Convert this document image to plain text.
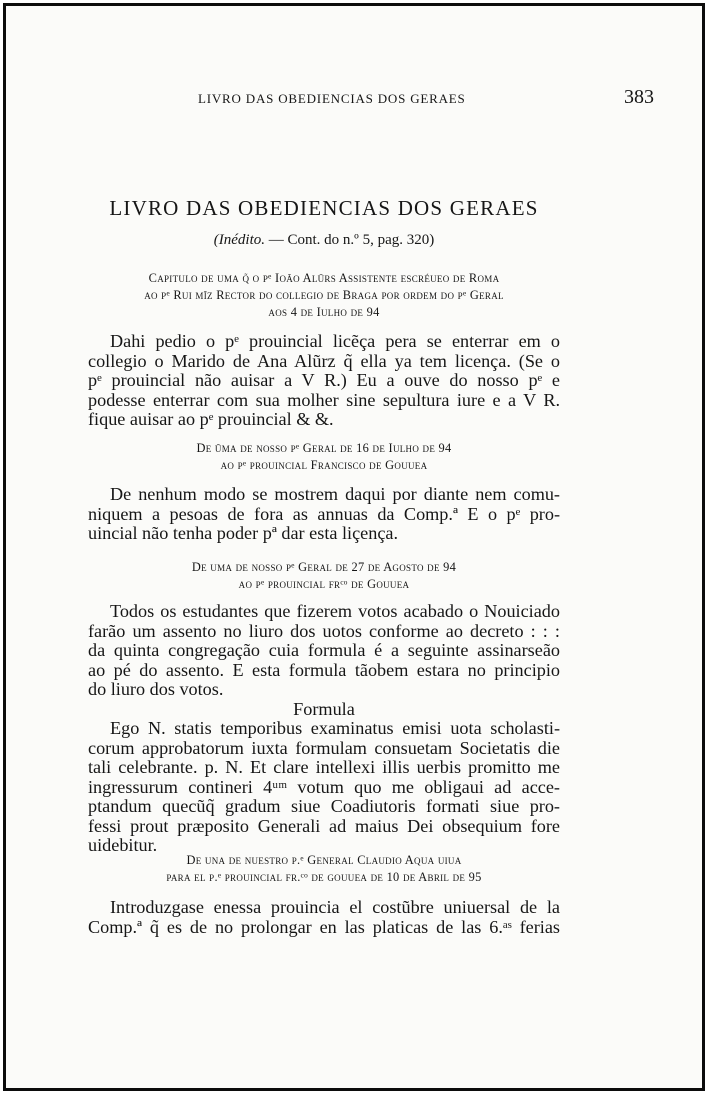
LIVRO DAS OBEDIENCIAS DOS GERAES	383
LIVRO DAS OBEDIENCIAS DOS GERAES
(Inédito. — Cont. do n.º 5, pag. 320)
Capitulo de uma q̃ o pᵉ Ioão Alũrs Assistente escréueo de Roma
ao pᵉ Rui mĩz Rector do collegio de Braga por ordem do pᵉ Geral
aos 4 de Iulho de 94
Dahi pedio o pᵉ prouincial licẽça pera se enterrar em o
collegio o Marido de Ana Alũrz q̃ ella ya tem licença. (Se o
pᵉ prouincial não auisar a V R.) Eu a ouve do nosso pᵉ e
podesse enterrar com sua molher sine sepultura iure e a V R.
fique auisar ao pᵉ prouincial & &.
De ũma de nosso pᵉ Geral de 16 de Iulho de 94
ao pᵉ prouincial Francisco de Gouuea
De nenhum modo se mostrem daqui por diante nem comu-
niquem a pesoas de fora as annuas da Comp.ª E o pᵉ pro-
uincial não tenha poder pª dar esta liçença.
De uma de nosso pᵉ Geral de 27 de Agosto de 94
ao pᵉ prouincial frᶜᵒ de Gouuea
Todos os estudantes que fizerem votos acabado o Nouiciado
farão um assento no liuro dos uotos conforme ao decreto : : :
da quinta congregação cuia formula é a seguinte assinarseão
ao pé do assento. E esta formula tãobem estara no principio
do liuro dos votos.
Formula
Ego N. statis temporibus examinatus emisi uota scholasti-
corum approbatorum iuxta formulam consuetam Societatis die
tali celebrante. p. N. Et clare intellexi illis uerbis promitto me
ingressurum contineri 4ᵘᵐ votum quo me obligaui ad acce-
ptandum quecũq̃ gradum siue Coadiutoris formati siue pro-
fessi prout præposito Generali ad maius Dei obsequium fore
uidebitur.
De una de nuestro p.ᵉ General Claudio Aqua uiua
para el p.ᵉ prouincial fr.ᶜᵒ de gouuea de 10 de Abril de 95
Introduzgase enessa prouincia el costũbre uniuersal de la
Comp.ª q̃ es de no prolongar en las platicas de las 6.ᵃˢ ferias
